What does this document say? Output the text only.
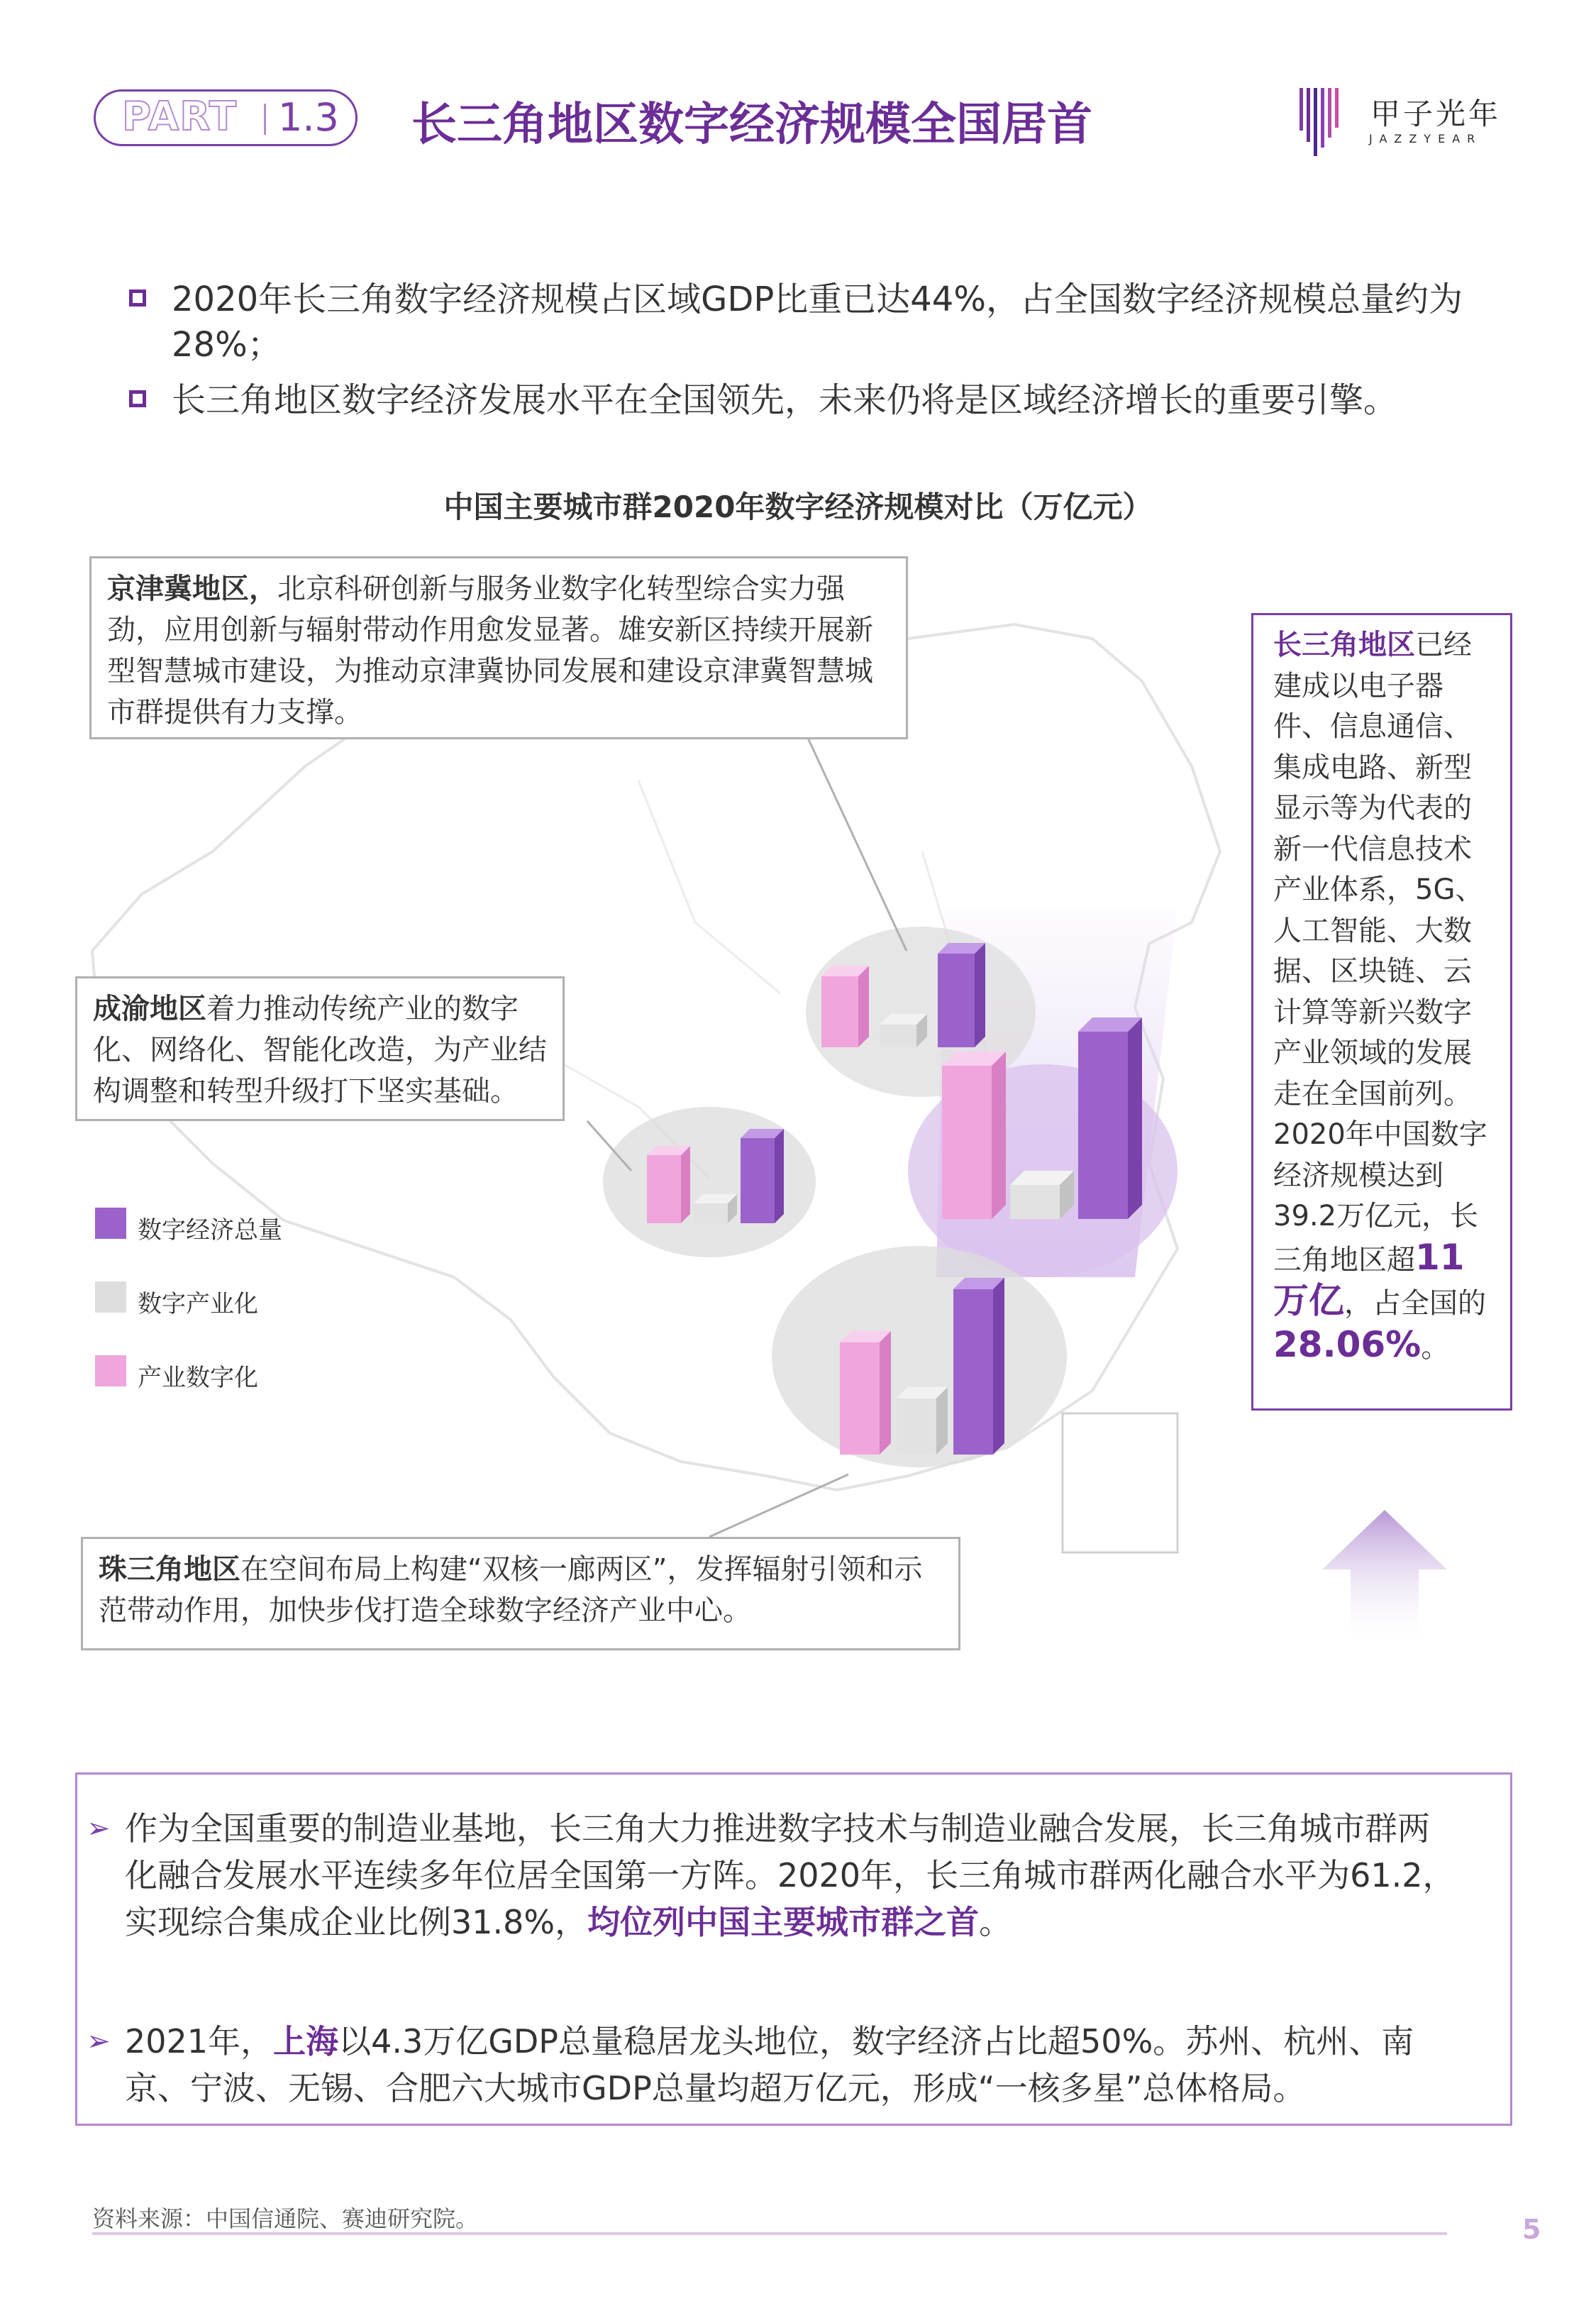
PART 1.3 长三角地区数字经济规模全国居首	甲子光年
JAZZYEAR
2020年长三角数字经济规模占区域GDP比重已达44%，占全国数字经济规模总量约为
28%；
长三角地区数字经济发展水平在全国领先，未来仍将是区域经济增长的重要引擎。
中国主要城市群2020年数字经济规模对比（万亿元）
数字经济总量
数字产业化
产业数字化
京津冀地区，北京科研创新与服务业数字化转型综合实力强劲，应用创新与辐射带动作用愈发显著。雄安新区持续开展新型智慧城市建设，为推动京津冀协同发展和建设京津冀智慧城市群提供有力支撑。
成渝地区着力推动传统产业的数字化、网络化、智能化改造，为产业结构调整和转型升级打下坚实基础。
珠三角地区在空间布局上构建“双核一廊两区”，发挥辐射引领和示范带动作用，加快步伐打造全球数字经济产业中心。
长三角地区已经建成以电子器件、信息通信、集成电路、新型显示等为代表的新一代信息技术产业体系，5G、人工智能、大数据、区块链、云计算等新兴数字产业领域的发展走在全国前列。2020年中国数字经济规模达到39.2万亿元，长三角地区超11万亿，占全国的28.06%。
➢ 作为全国重要的制造业基地，长三角大力推进数字技术与制造业融合发展，长三角城市群两化融合发展水平连续多年位居全国第一方阵。2020年，长三角城市群两化融合水平为61.2，实现综合集成企业比例31.8%，均位列中国主要城市群之首。
➢ 2021年，上海以4.3万亿GDP总量稳居龙头地位，数字经济占比超50%。苏州、杭州、南京、宁波、无锡、合肥六大城市GDP总量均超万亿元，形成“一核多星”总体格局。
资料来源：中国信通院、赛迪研究院。	5
